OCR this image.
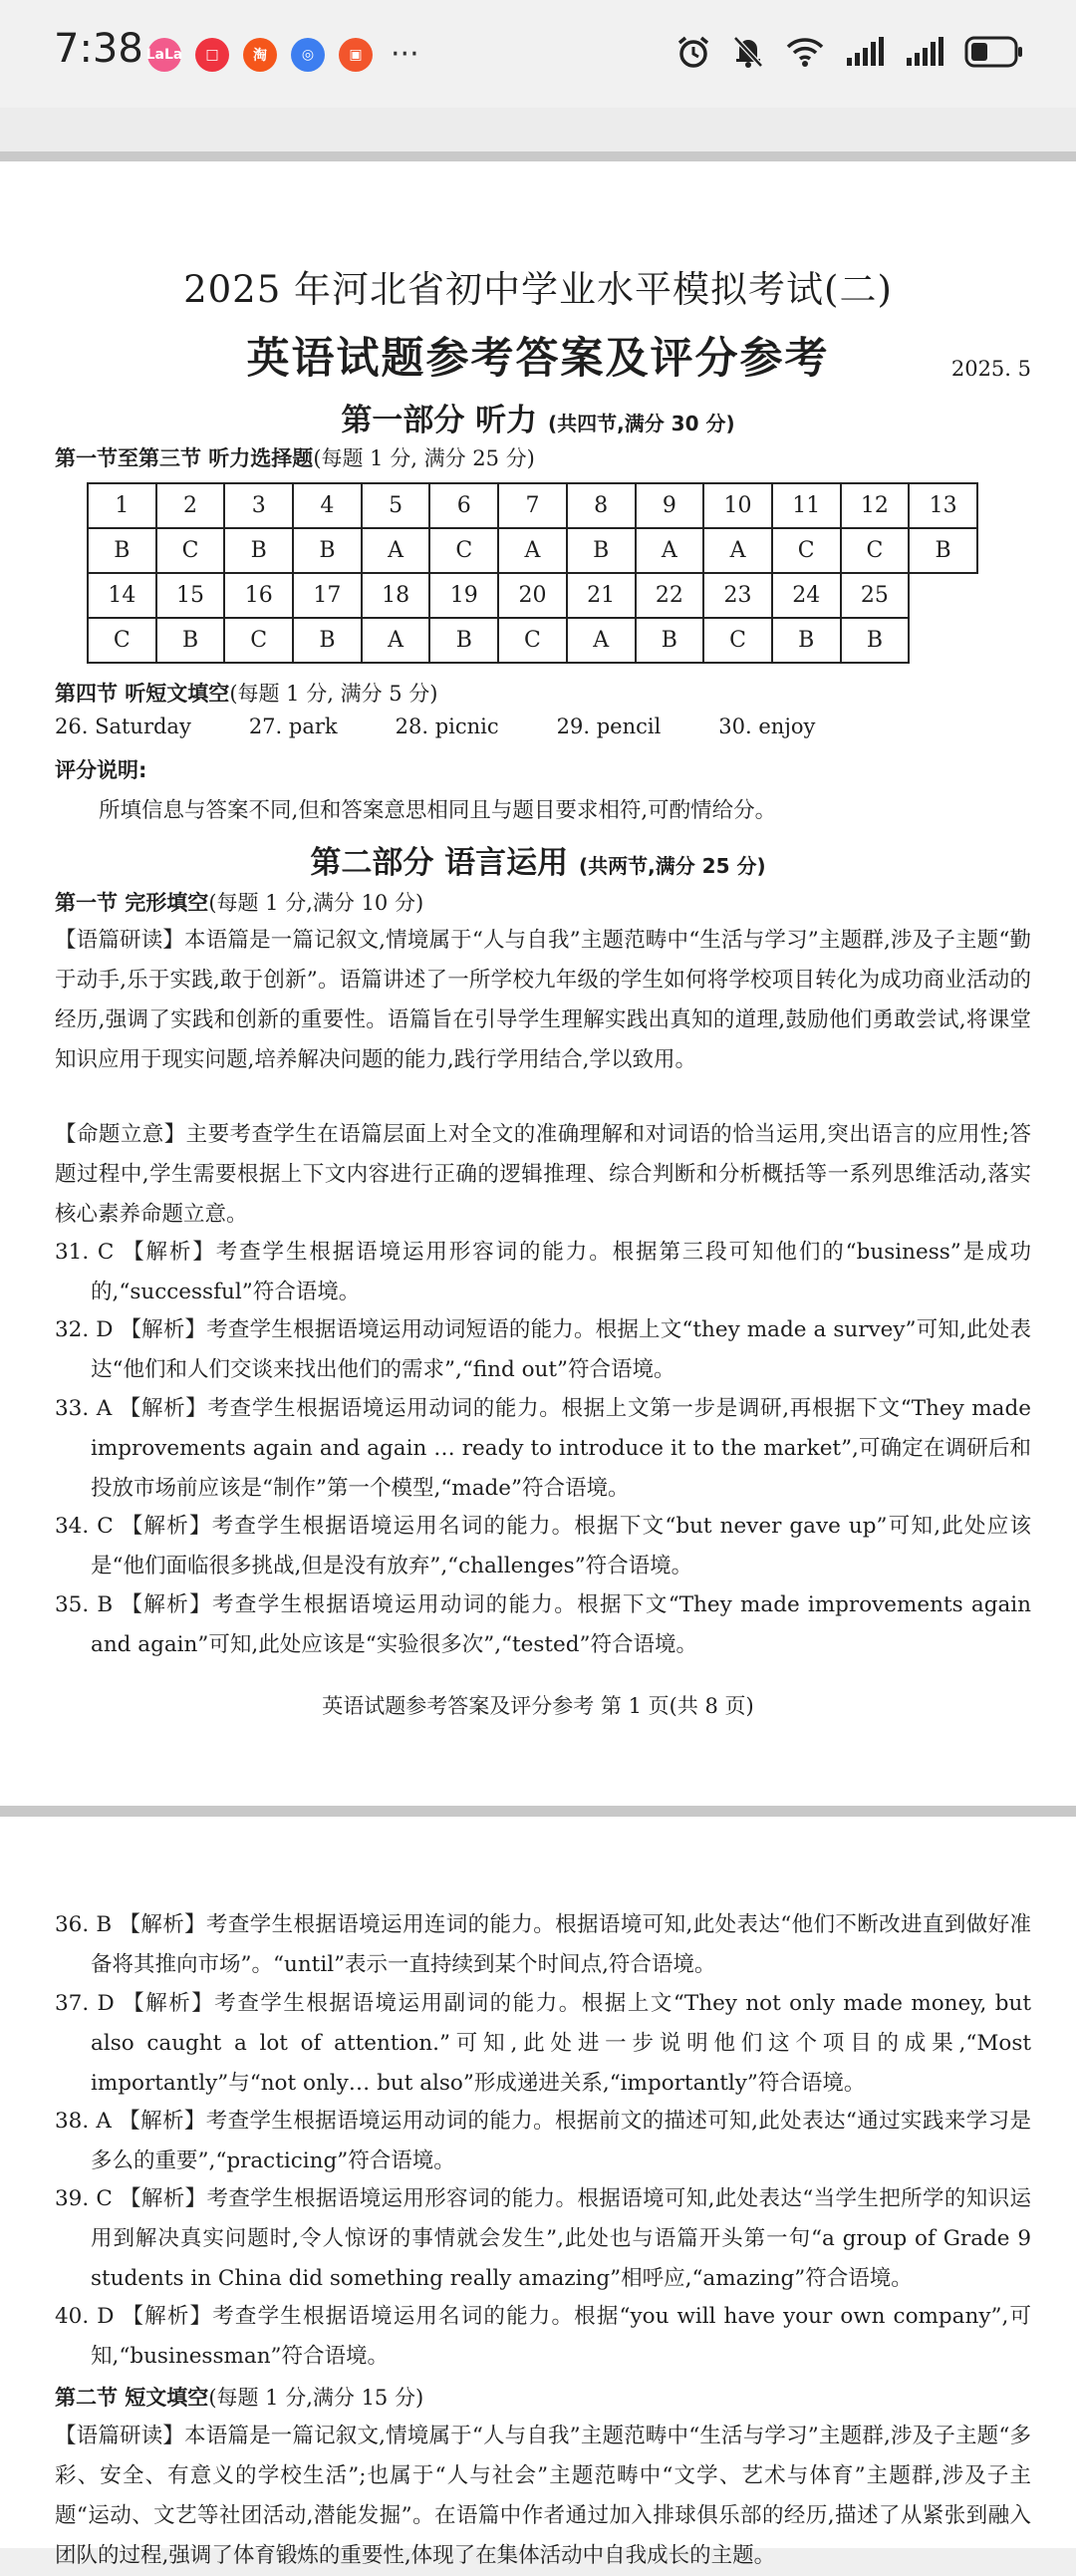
7:38 LaLa	□	淘	◎	▣ ···
2025 年河北省初中学业水平模拟考试(二)
英语试题参考答案及评分参考	2025. 5
第一部分 听力 (共四节,满分 30 分)
第一节至第三节 听力选择题(每题 1 分, 满分 25 分)
1	2	3	4	5	6	7	8	9	10	11	12	13
B	C	B	B	A	C	A	B	A	A	C	C	B
14	15	16	17	18	19	20	21	22	23	24	25	
C	B	C	B	A	B	C	A	B	C	B	B	
第四节 听短文填空(每题 1 分, 满分 5 分)
26. Saturday	27. park	28. picnic	29. pencil	30. enjoy
评分说明:
所填信息与答案不同,但和答案意思相同且与题目要求相符,可酌情给分。
第二部分 语言运用 (共两节,满分 25 分)
第一节 完形填空(每题 1 分,满分 10 分)
【语篇研读】本语篇是一篇记叙文,情境属于“人与自我”主题范畴中“生活与学习”主题群,涉及子主题“勤于动手,乐于实践,敢于创新”。语篇讲述了一所学校九年级的学生如何将学校项目转化为成功商业活动的经历,强调了实践和创新的重要性。语篇旨在引导学生理解实践出真知的道理,鼓励他们勇敢尝试,将课堂知识应用于现实问题,培养解决问题的能力,践行学用结合,学以致用。
【命题立意】主要考查学生在语篇层面上对全文的准确理解和对词语的恰当运用,突出语言的应用性;答题过程中,学生需要根据上下文内容进行正确的逻辑推理、综合判断和分析概括等一系列思维活动,落实核心素养命题立意。
31. C 【解析】考查学生根据语境运用形容词的能力。根据第三段可知他们的“business”是成功的,“successful”符合语境。
32. D 【解析】考查学生根据语境运用动词短语的能力。根据上文“they made a survey”可知,此处表达“他们和人们交谈来找出他们的需求”,“find out”符合语境。
33. A 【解析】考查学生根据语境运用动词的能力。根据上文第一步是调研,再根据下文“They made improvements again and again … ready to introduce it to the market”,可确定在调研后和投放市场前应该是“制作”第一个模型,“made”符合语境。
34. C 【解析】考查学生根据语境运用名词的能力。根据下文“but never gave up”可知,此处应该是“他们面临很多挑战,但是没有放弃”,“challenges”符合语境。
35. B 【解析】考查学生根据语境运用动词的能力。根据下文“They made improvements again and again”可知,此处应该是“实验很多次”,“tested”符合语境。
英语试题参考答案及评分参考 第 1 页(共 8 页)
36. B 【解析】考查学生根据语境运用连词的能力。根据语境可知,此处表达“他们不断改进直到做好准备将其推向市场”。“until”表示一直持续到某个时间点,符合语境。
37. D 【解析】考查学生根据语境运用副词的能力。根据上文“They not only made money, but also caught a lot of attention.”可知,此处进一步说明他们这个项目的成果,“Most importantly”与“not only… but also”形成递进关系,“importantly”符合语境。
38. A 【解析】考查学生根据语境运用动词的能力。根据前文的描述可知,此处表达“通过实践来学习是多么的重要”,“practicing”符合语境。
39. C 【解析】考查学生根据语境运用形容词的能力。根据语境可知,此处表达“当学生把所学的知识运用到解决真实问题时,令人惊讶的事情就会发生”,此处也与语篇开头第一句“a group of Grade 9 students in China did something really amazing”相呼应,“amazing”符合语境。
40. D 【解析】考查学生根据语境运用名词的能力。根据“you will have your own company”,可知,“businessman”符合语境。
第二节 短文填空(每题 1 分,满分 15 分)
【语篇研读】本语篇是一篇记叙文,情境属于“人与自我”主题范畴中“生活与学习”主题群,涉及子主题“多彩、安全、有意义的学校生活”;也属于“人与社会”主题范畴中“文学、艺术与体育”主题群,涉及子主题“运动、文艺等社团活动,潜能发掘”。在语篇中作者通过加入排球俱乐部的经历,描述了从紧张到融入团队的过程,强调了体育锻炼的重要性,体现了在集体活动中自我成长的主题。
